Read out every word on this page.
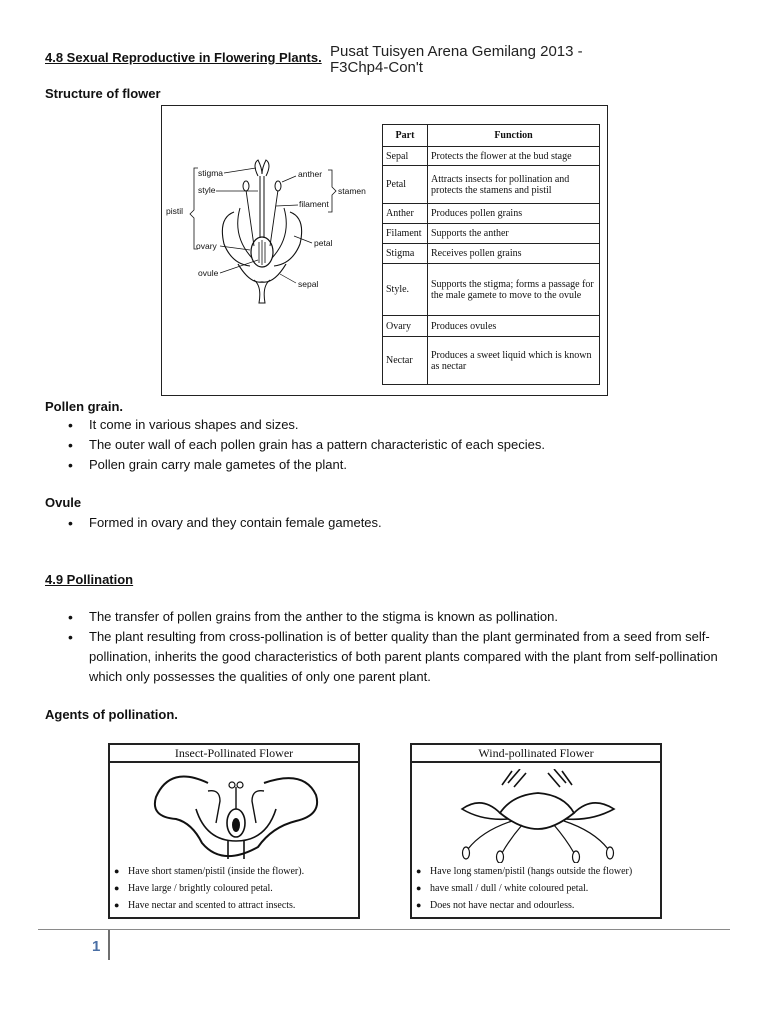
4.8 Sexual Reproductive in Flowering Plants. Pusat Tuisyen Arena Gemilang 2013 -
F3Chp4-Con't
Structure of flower
stigma
style
pistil
ovary
ovule
anther
filament
stamen
petal
sepal
Part	Function
Sepal	Protects the flower at the bud stage
Petal	Attracts insects for pollination and protects the stamens and pistil
Anther	Produces pollen grains
Filament	Supports the anther
Stigma	Receives pollen grains
Style.	Supports the stigma; forms a passage for the male gamete to move to the ovule
Ovary	Produces ovules
Nectar	Produces a sweet liquid which is known as nectar
Pollen grain.
• It come in various shapes and sizes.
• The outer wall of each pollen grain has a pattern characteristic of each species.
• Pollen grain carry male gametes of the plant.
Ovule
• Formed in ovary and they contain female gametes.
4.9 Pollination
• The transfer of pollen grains from the anther to the stigma is known as pollination.
• The plant resulting from cross-pollination is of better quality than the plant germinated from a seed from self-pollination, inherits the good characteristics of both parent plants compared with the plant from self-pollination which only possesses the qualities of only one parent plant.
Agents of pollination.
Insect-Pollinated Flower
● Have short stamen/pistil (inside the flower).
● Have large / brightly coloured petal.
● Have nectar and scented to attract insects.
Wind-pollinated Flower
● Have long stamen/pistil (hangs outside the flower)
● have small / dull / white coloured petal.
● Does not have nectar and odourless.
1
